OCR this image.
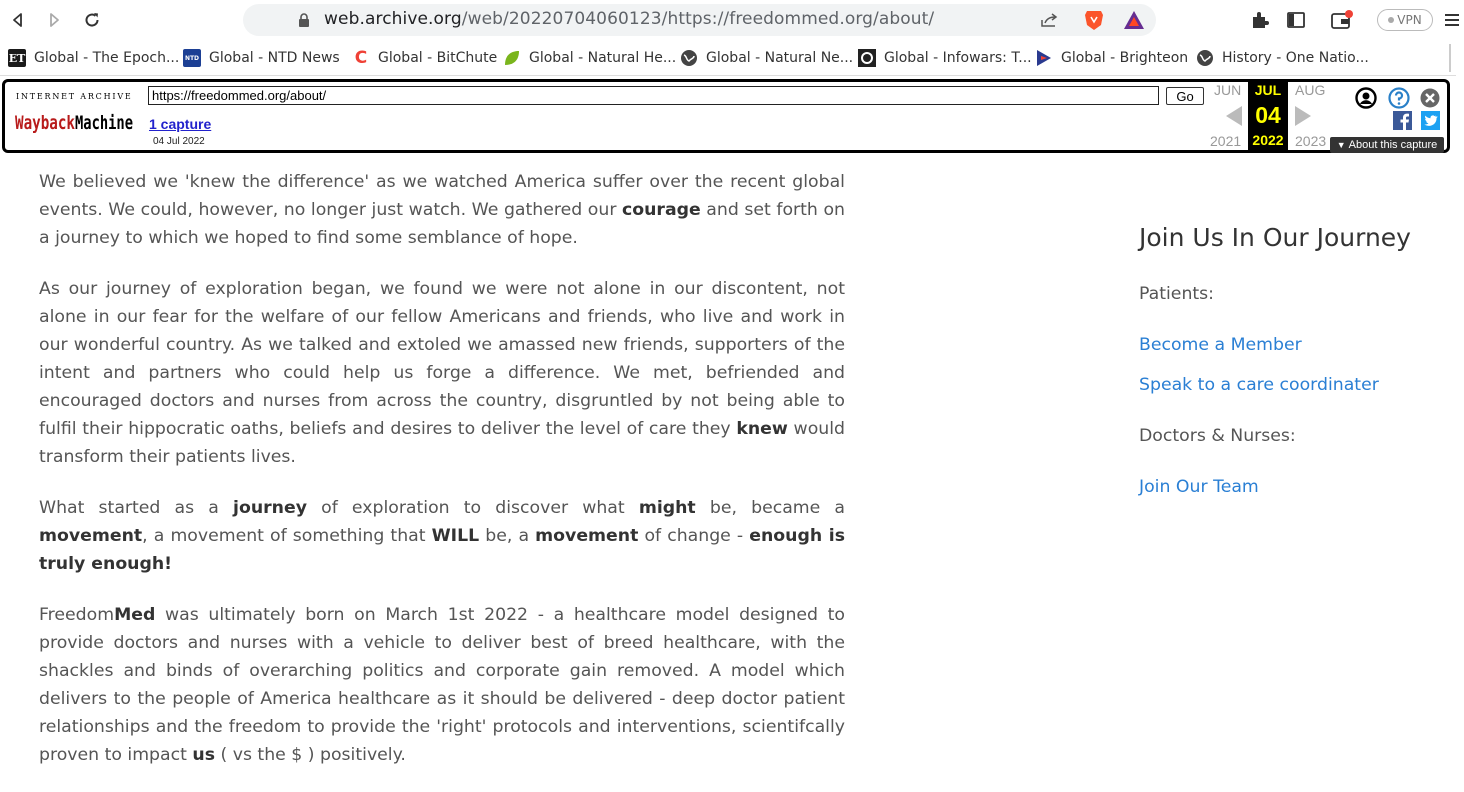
web.archive.org/web/20220704060123/https://freedommed.org/about/	VPN
ET Global - The Epoch... NTD Global - NTD News C Global - BitChute Global - Natural He... Global - Natural Ne... Global - Infowars: T... Global - Brighteon History - One Natio...
INTERNET ARCHIVE
Wayback Machine
https://freedommed.org/about/	Go
1 capture
04 Jul 2022
JUN
2021
JUL
04
2022
AUG
2023 ▼ About this capture

We believed we 'knew the difference' as we watched America suffer over the recent global events. We could, however, no longer just watch. We gathered our courage and set forth on a journey to which we hoped to find some semblance of hope.

As our journey of exploration began, we found we were not alone in our discontent, not alone in our fear for the welfare of our fellow Americans and friends, who live and work in our wonderful country. As we talked and extoled we amassed new friends, supporters of the intent and partners who could help us forge a difference. We met, befriended and encouraged doctors and nurses from across the country, disgruntled by not being able to fulfil their hippocratic oaths, beliefs and desires to deliver the level of care they knew would transform their patients lives.

What started as a journey of exploration to discover what might be, became a movement, a movement of something that WILL be, a movement of change - enough is truly enough!

FreedomMed was ultimately born on March 1st 2022 - a healthcare model designed to provide doctors and nurses with a vehicle to deliver best of breed healthcare, with the shackles and binds of overarching politics and corporate gain removed. A model which delivers to the people of America healthcare as it should be delivered - deep doctor patient relationships and the freedom to provide the 'right' protocols and interventions, scientifcally proven to impact us ( vs the $ ) positively.

Join Us In Our Journey
Patients:
Become a Member
Speak to a care coordinater
Doctors & Nurses:
Join Our Team
